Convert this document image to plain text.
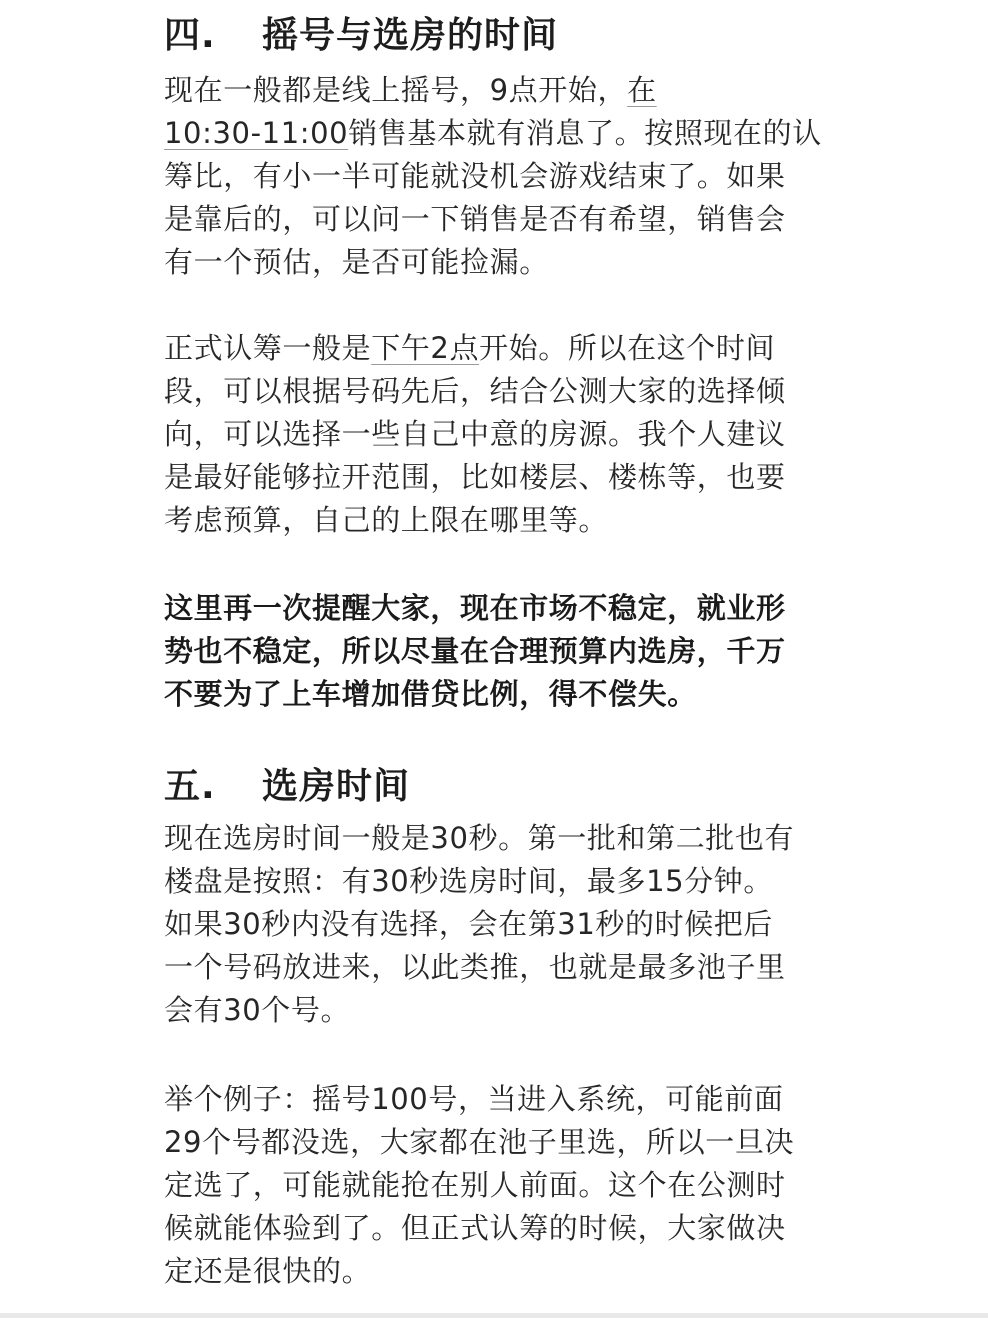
四. 摇号与选房的时间
现在一般都是线上摇号，9点开始，在
10:30-11:00销售基本就有消息了。按照现在的认
筹比，有小一半可能就没机会游戏结束了。如果
是靠后的，可以问一下销售是否有希望，销售会
有一个预估，是否可能捡漏。
正式认筹一般是下午2点开始。所以在这个时间
段，可以根据号码先后，结合公测大家的选择倾
向，可以选择一些自己中意的房源。我个人建议
是最好能够拉开范围，比如楼层、楼栋等，也要
考虑预算，自己的上限在哪里等。
这里再一次提醒大家，现在市场不稳定，就业形
势也不稳定，所以尽量在合理预算内选房，千万
不要为了上车增加借贷比例，得不偿失。
五. 选房时间
现在选房时间一般是30秒。第一批和第二批也有
楼盘是按照：有30秒选房时间，最多15分钟。
如果30秒内没有选择，会在第31秒的时候把后
一个号码放进来，以此类推，也就是最多池子里
会有30个号。
举个例子：摇号100号，当进入系统，可能前面
29个号都没选，大家都在池子里选，所以一旦决
定选了，可能就能抢在别人前面。这个在公测时
候就能体验到了。但正式认筹的时候，大家做决
定还是很快的。
